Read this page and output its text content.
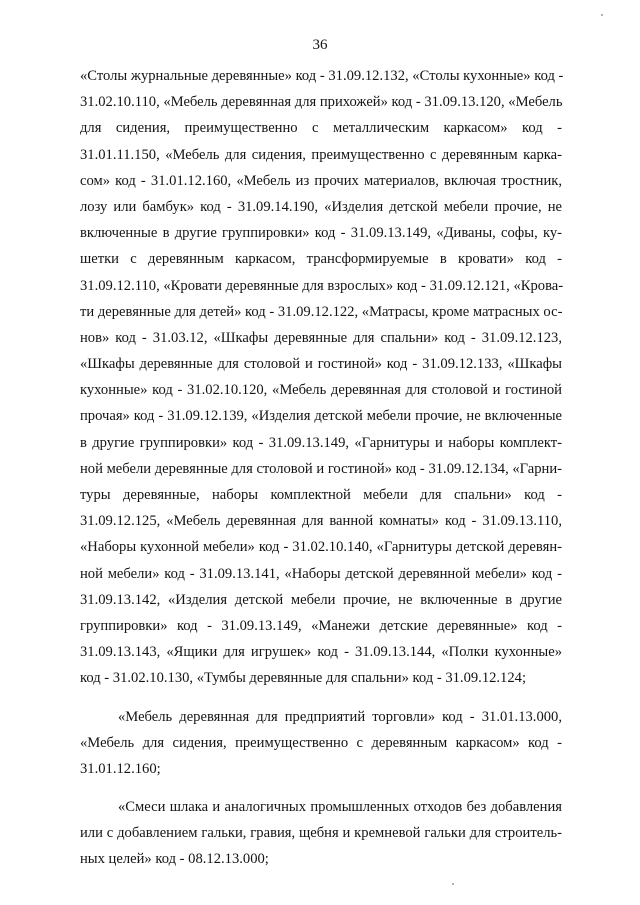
36
«Столы журнальные деревянные» код - 31.09.12.132, «Столы кухонные» код -
31.02.10.110, «Мебель деревянная для прихожей» код - 31.09.13.120, «Мебель
для сидения, преимущественно с металлическим каркасом» код -
31.01.11.150, «Мебель для сидения, преимущественно с деревянным карка-
сом» код - 31.01.12.160, «Мебель из прочих материалов, включая тростник,
лозу или бамбук» код - 31.09.14.190, «Изделия детской мебели прочие, не
включенные в другие группировки» код - 31.09.13.149, «Диваны, софы, ку-
шетки с деревянным каркасом, трансформируемые в кровати» код -
31.09.12.110, «Кровати деревянные для взрослых» код - 31.09.12.121, «Крова-
ти деревянные для детей» код - 31.09.12.122, «Матрасы, кроме матрасных ос-
нов» код - 31.03.12, «Шкафы деревянные для спальни» код - 31.09.12.123,
«Шкафы деревянные для столовой и гостиной» код - 31.09.12.133, «Шкафы
кухонные» код - 31.02.10.120, «Мебель деревянная для столовой и гостиной
прочая» код - 31.09.12.139, «Изделия детской мебели прочие, не включенные
в другие группировки» код - 31.09.13.149, «Гарнитуры и наборы комплект-
ной мебели деревянные для столовой и гостиной» код - 31.09.12.134, «Гарни-
туры деревянные, наборы комплектной мебели для спальни» код -
31.09.12.125, «Мебель деревянная для ванной комнаты» код - 31.09.13.110,
«Наборы кухонной мебели» код - 31.02.10.140, «Гарнитуры детской деревян-
ной мебели» код - 31.09.13.141, «Наборы детской деревянной мебели» код -
31.09.13.142, «Изделия детской мебели прочие, не включенные в другие
группировки» код - 31.09.13.149, «Манежи детские деревянные» код -
31.09.13.143, «Ящики для игрушек» код - 31.09.13.144, «Полки кухонные»
код - 31.02.10.130, «Тумбы деревянные для спальни» код - 31.09.12.124;
«Мебель деревянная для предприятий торговли» код - 31.01.13.000,
«Мебель для сидения, преимущественно с деревянным каркасом» код -
31.01.12.160;
«Смеси шлака и аналогичных промышленных отходов без добавления
или с добавлением гальки, гравия, щебня и кремневой гальки для строитель-
ных целей» код - 08.12.13.000;
